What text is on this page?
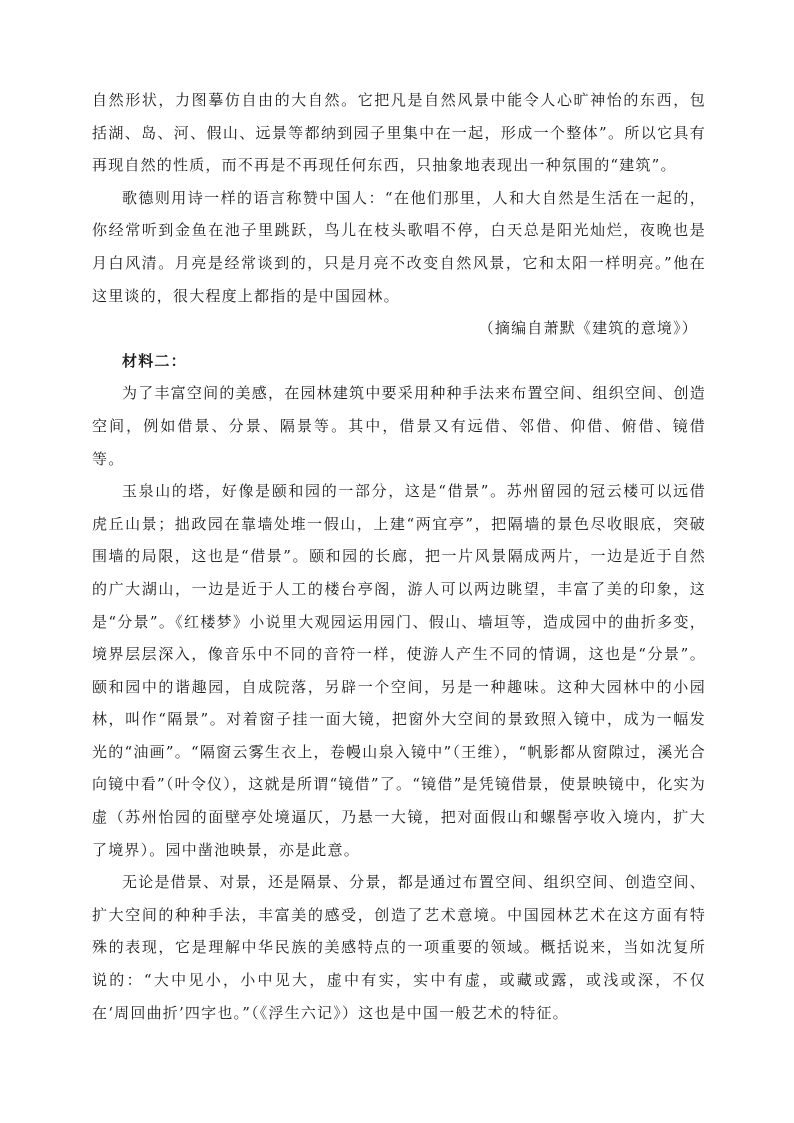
自然形状，力图摹仿自由的大自然。它把凡是自然风景中能令人心旷神怡的东西，包括湖、岛、河、假山、远景等都纳到园子里集中在一起，形成一个整体”。所以它具有再现自然的性质，而不再是不再现任何东西，只抽象地表现出一种氛围的“建筑”。

歌德则用诗一样的语言称赞中国人：“在他们那里，人和大自然是生活在一起的，你经常听到金鱼在池子里跳跃，鸟儿在枝头歌唱不停，白天总是阳光灿烂，夜晚也是月白风清。月亮是经常谈到的，只是月亮不改变自然风景，它和太阳一样明亮。”他在这里谈的，很大程度上都指的是中国园林。

（摘编自萧默《建筑的意境》）

材料二：

为了丰富空间的美感，在园林建筑中要采用种种手法来布置空间、组织空间、创造空间，例如借景、分景、隔景等。其中，借景又有远借、邻借、仰借、俯借、镜借等。

玉泉山的塔，好像是颐和园的一部分，这是“借景”。苏州留园的冠云楼可以远借虎丘山景；拙政园在靠墙处堆一假山，上建“两宜亭”，把隔墙的景色尽收眼底，突破围墙的局限，这也是“借景”。颐和园的长廊，把一片风景隔成两片，一边是近于自然的广大湖山，一边是近于人工的楼台亭阁，游人可以两边眺望，丰富了美的印象，这是“分景”。《红楼梦》小说里大观园运用园门、假山、墙垣等，造成园中的曲折多变，境界层层深入，像音乐中不同的音符一样，使游人产生不同的情调，这也是“分景”。颐和园中的谐趣园，自成院落，另辟一个空间，另是一种趣味。这种大园林中的小园林，叫作“隔景”。对着窗子挂一面大镜，把窗外大空间的景致照入镜中，成为一幅发光的“油画”。“隔窗云雾生衣上，卷幔山泉入镜中”（王维），“帆影都从窗隙过，溪光合向镜中看”（叶令仪），这就是所谓“镜借”了。“镜借”是凭镜借景，使景映镜中，化实为虚（苏州怡园的面壁亭处境逼仄，乃悬一大镜，把对面假山和螺髻亭收入境内，扩大了境界）。园中凿池映景，亦是此意。

无论是借景、对景，还是隔景、分景，都是通过布置空间、组织空间、创造空间、扩大空间的种种手法，丰富美的感受，创造了艺术意境。中国园林艺术在这方面有特殊的表现，它是理解中华民族的美感特点的一项重要的领域。概括说来，当如沈复所说的：“大中见小，小中见大，虚中有实，实中有虚，或藏或露，或浅或深，不仅在‘周回曲折’四字也。”（《浮生六记》）这也是中国一般艺术的特征。
